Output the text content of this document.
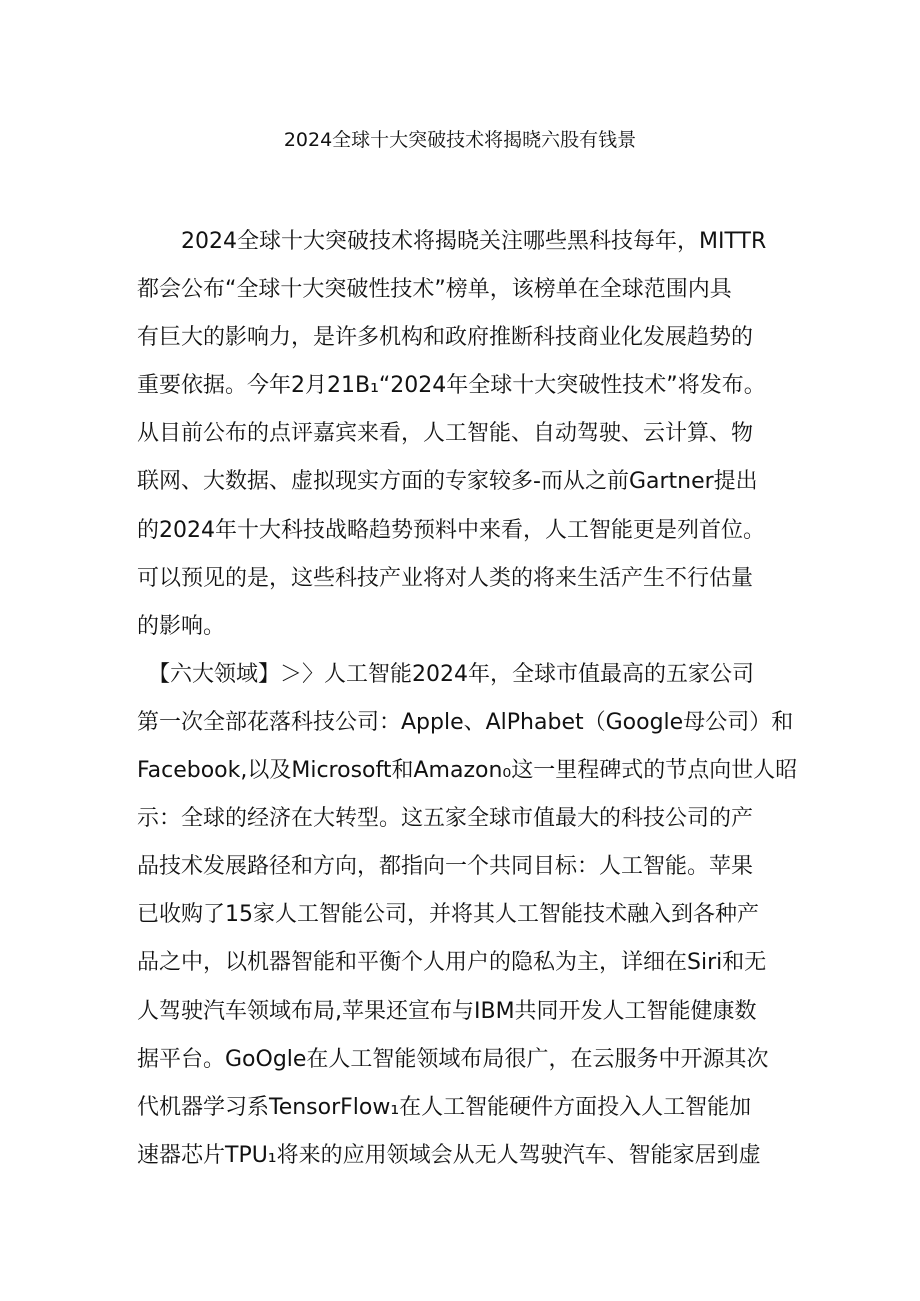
2024全球十大突破技术将揭晓六股有钱景
　　2024全球十大突破技术将揭晓关注哪些黑科技每年，MITTR
都会公布“全球十大突破性技术”榜单，该榜单在全球范围内具
有巨大的影响力，是许多机构和政府推断科技商业化发展趋势的
重要依据。今年2月21B₁“2024年全球十大突破性技术”将发布。
从目前公布的点评嘉宾来看，人工智能、自动驾驶、云计算、物
联网、大数据、虚拟现实方面的专家较多-而从之前Gartner提出
的2024年十大科技战略趋势预料中来看，人工智能更是列首位。
可以预见的是，这些科技产业将对人类的将来生活产生不行估量
的影响。
　【六大领域】＞〉人工智能2024年，全球市值最高的五家公司
第一次全部花落科技公司：Apple、AlPhabet（Google母公司）和
Facebook,以及Microsoft和Amazon₀这一里程碑式的节点向世人昭
示：全球的经济在大转型。这五家全球市值最大的科技公司的产
品技术发展路径和方向，都指向一个共同目标：人工智能。苹果
已收购了15家人工智能公司，并将其人工智能技术融入到各种产
品之中，以机器智能和平衡个人用户的隐私为主，详细在Siri和无
人驾驶汽车领域布局,苹果还宣布与IBM共同开发人工智能健康数
据平台。GoOgle在人工智能领域布局很广，在云服务中开源其次
代机器学习系TensorFlow₁在人工智能硬件方面投入人工智能加
速器芯片TPU₁将来的应用领域会从无人驾驶汽车、智能家居到虚
